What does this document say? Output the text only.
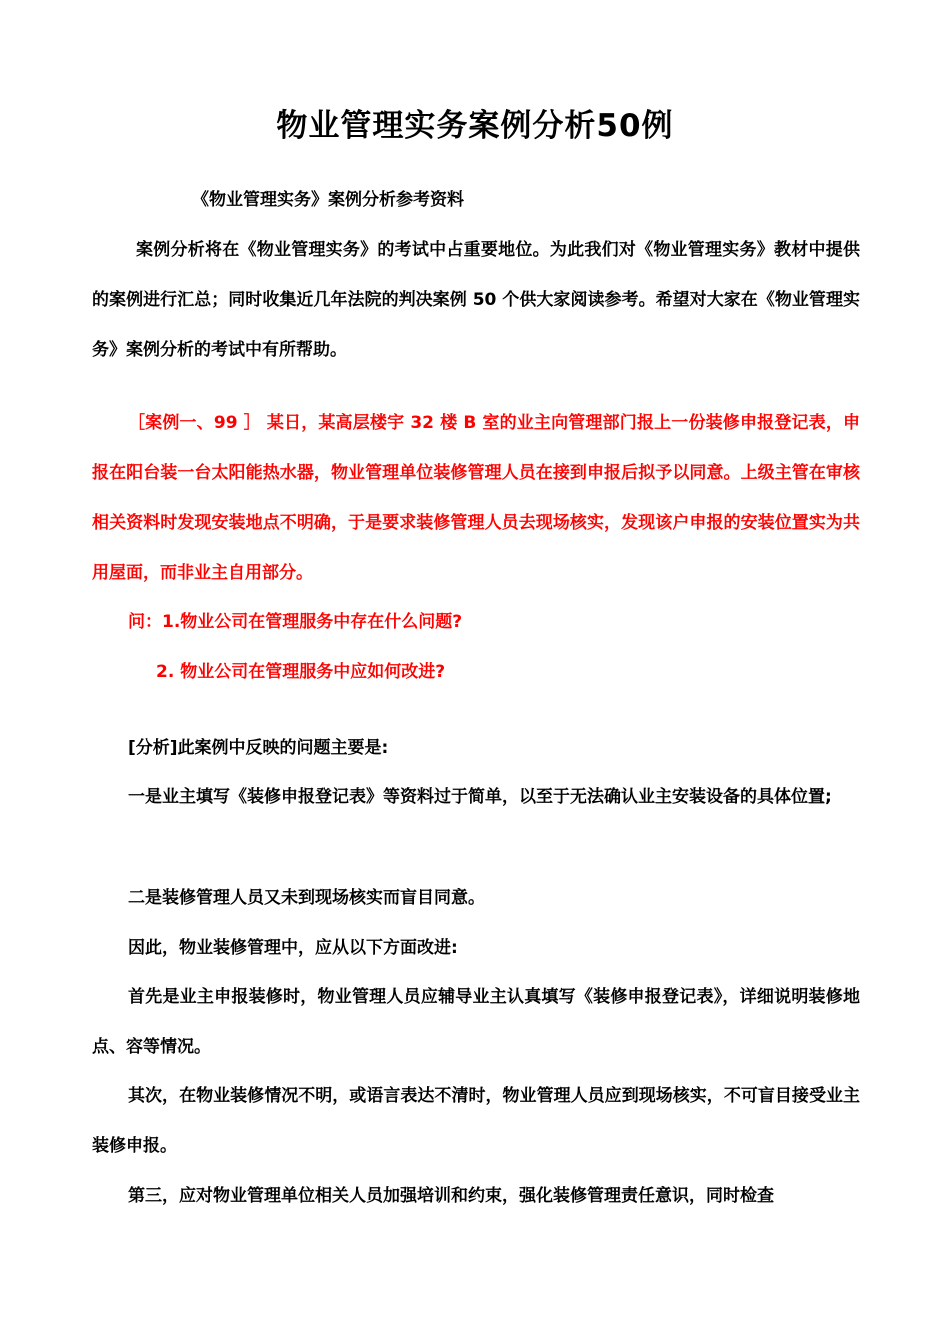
物业管理实务案例分析50例
《物业管理实务》案例分析参考资料
案例分析将在《物业管理实务》的考试中占重要地位。为此我们对《物业管理实务》教材中提供的案例进行汇总；同时收集近几年法院的判决案例 50 个供大家阅读参考。希望对大家在《物业管理实务》案例分析的考试中有所帮助。
［案例一、99 ］ 某日，某高层楼宇 32 楼 B 室的业主向管理部门报上一份装修申报登记表，申报在阳台装一台太阳能热水器，物业管理单位装修管理人员在接到申报后拟予以同意。上级主管在审核相关资料时发现安装地点不明确，于是要求装修管理人员去现场核实，发现该户申报的安装位置实为共用屋面，而非业主自用部分。
问：1.物业公司在管理服务中存在什么问题?
2. 物业公司在管理服务中应如何改进?
[分析]此案例中反映的问题主要是:
一是业主填写《装修申报登记表》等资料过于简单，以至于无法确认业主安装设备的具体位置;
二是装修管理人员又未到现场核实而盲目同意。
因此，物业装修管理中，应从以下方面改进:
首先是业主申报装修时，物业管理人员应辅导业主认真填写《装修申报登记表》，详细说明装修地点、容等情况。
其次，在物业装修情况不明，或语言表达不清时，物业管理人员应到现场核实，不可盲目接受业主装修申报。
第三，应对物业管理单位相关人员加强培训和约束，强化装修管理责任意识，同时检查
